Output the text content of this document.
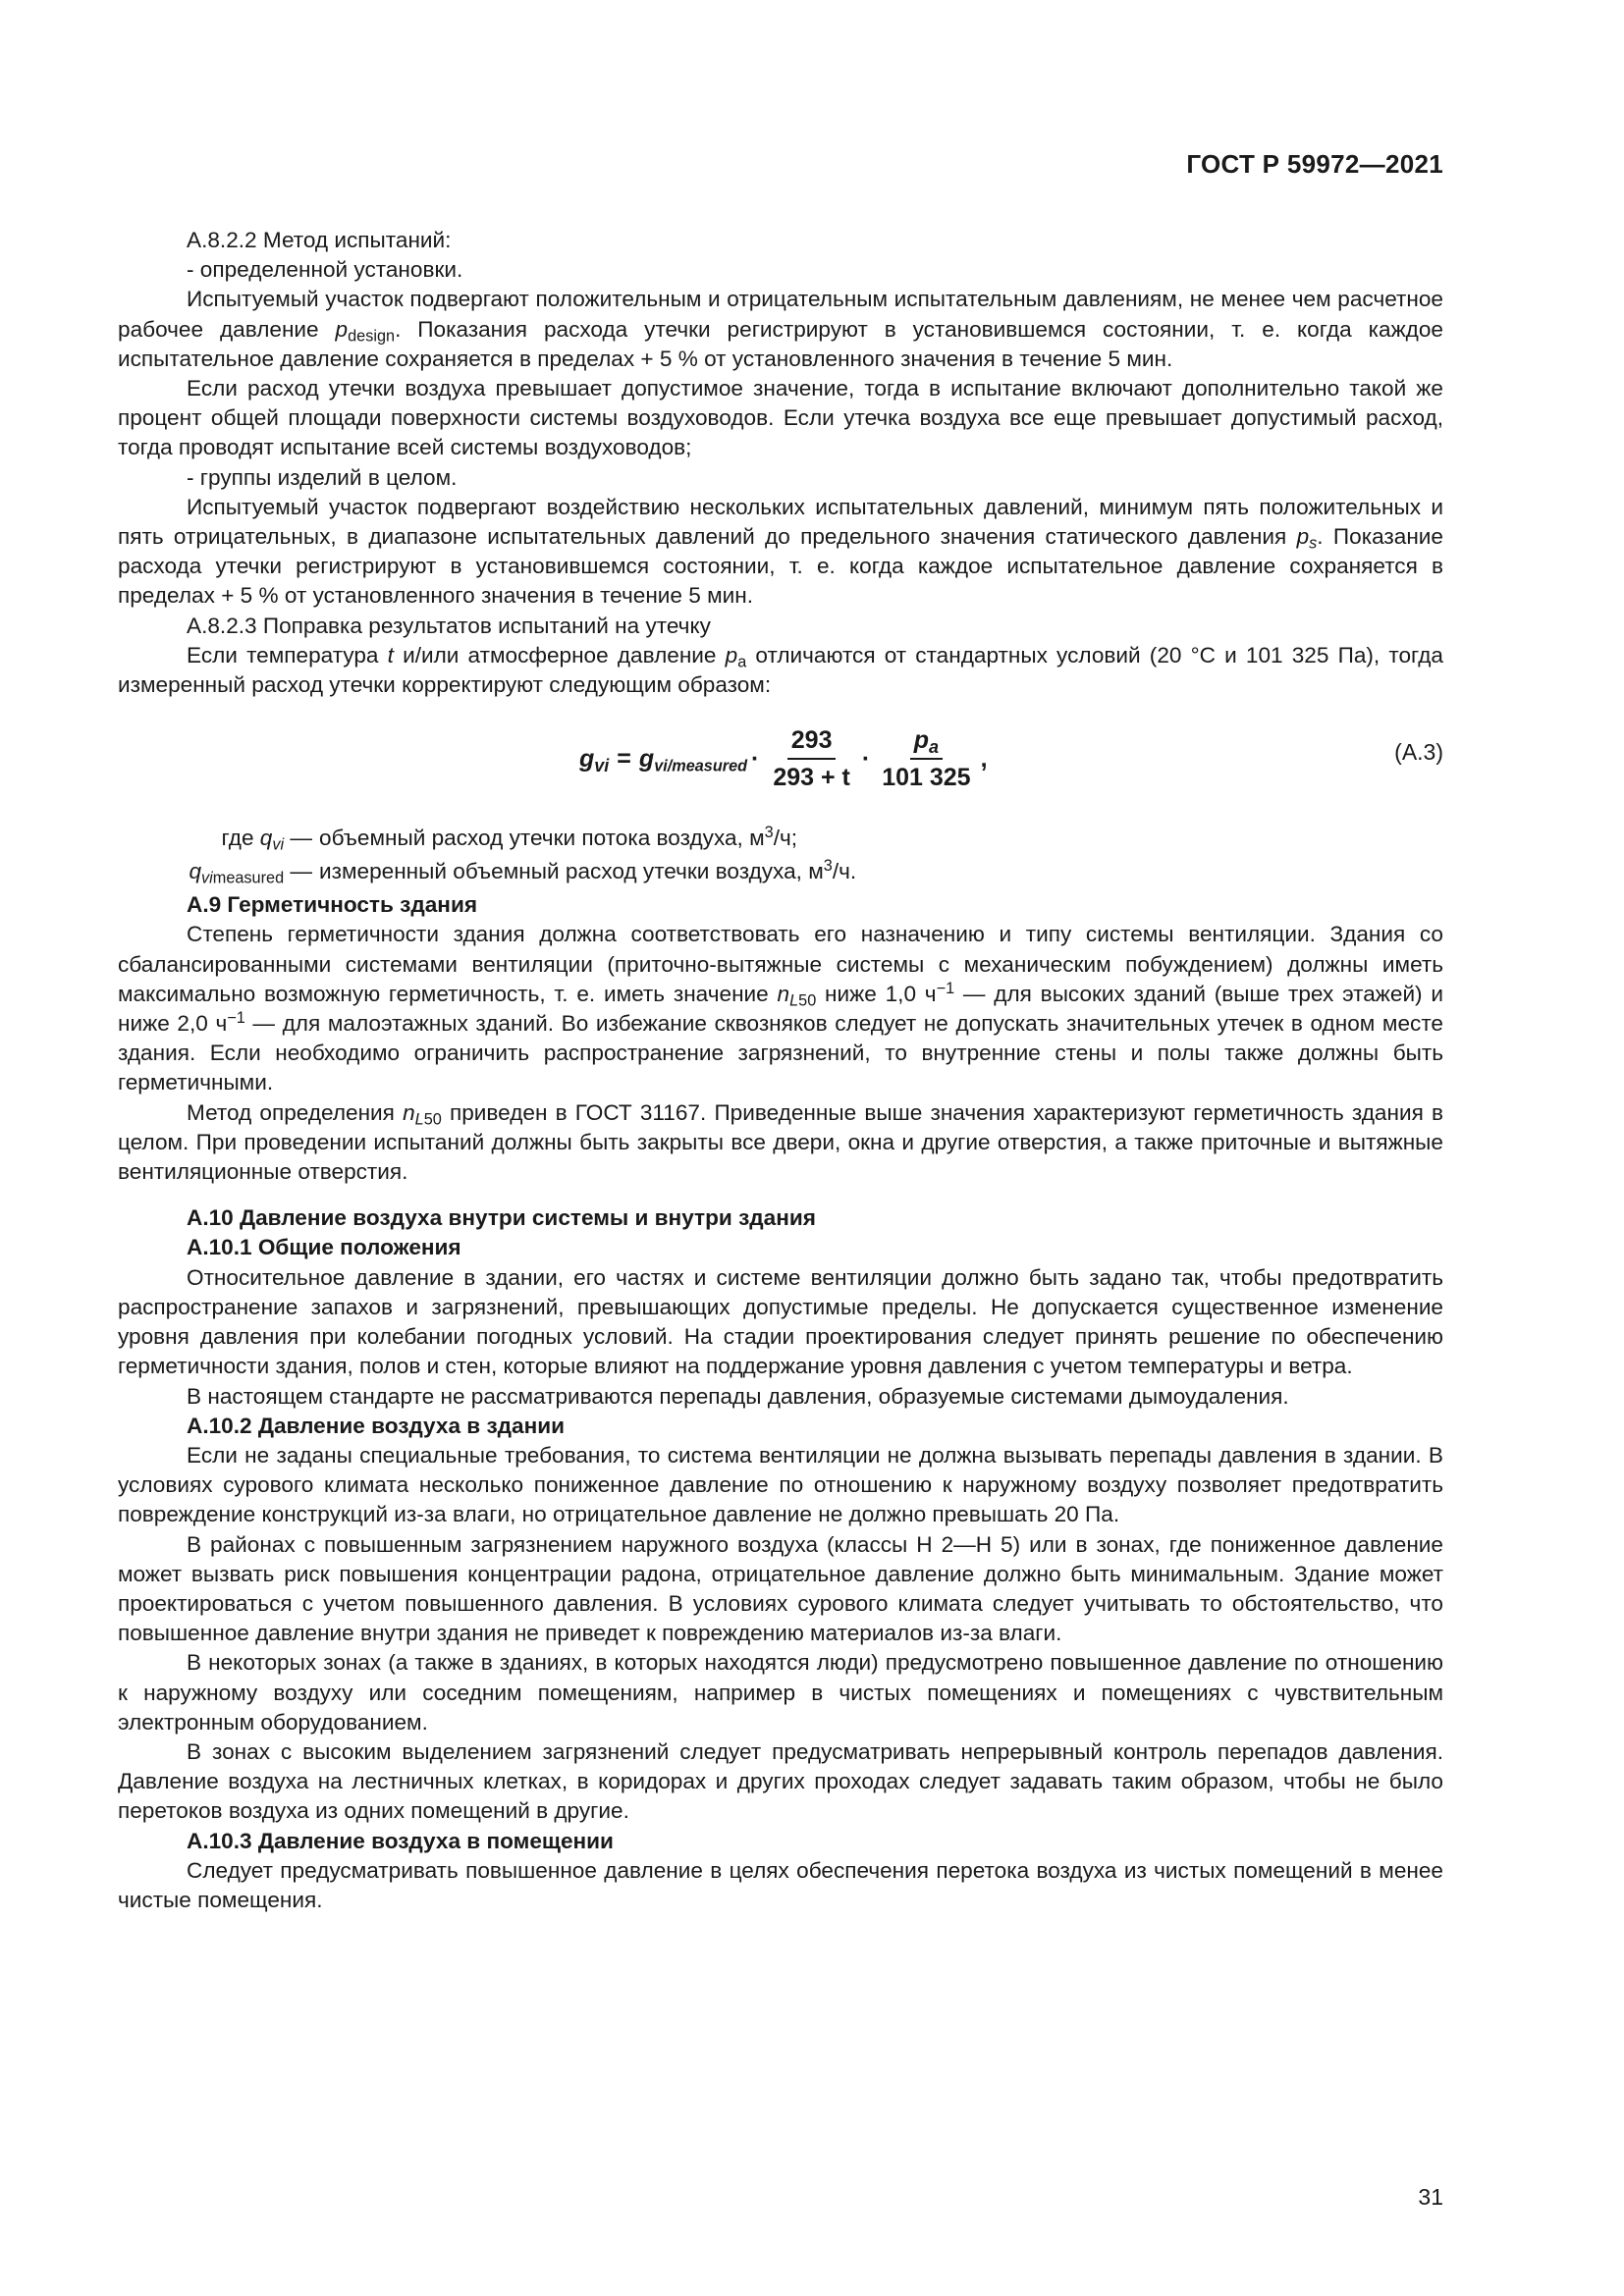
ГОСТ Р 59972—2021

A.8.2.2 Метод испытаний:

- определенной установки.

Испытуемый участок подвергают положительным и отрицательным испытательным давлениям, не менее чем расчетное рабочее давление $p_{design}$. Показания расхода утечки регистрируют в установившемся состоянии, т. е. когда каждое испытательное давление сохраняется в пределах + 5 % от установленного значения в течение 5 мин.

Если расход утечки воздуха превышает допустимое значение, тогда в испытание включают дополнительно такой же процент общей площади поверхности системы воздуховодов. Если утечка воздуха все еще превышает допустимый расход, тогда проводят испытание всей системы воздуховодов;

- группы изделий в целом.

Испытуемый участок подвергают воздействию нескольких испытательных давлений, минимум пять положительных и пять отрицательных, в диапазоне испытательных давлений до предельного значения статического давления $p_s$. Показание расхода утечки регистрируют в установившемся состоянии, т. е. когда каждое испытательное давление сохраняется в пределах + 5 % от установленного значения в течение 5 мин.

A.8.2.3 Поправка результатов испытаний на утечку

Если температура t и/или атмосферное давление $p_a$ отличаются от стандартных условий (20 °С и 101 325 Па), тогда измеренный расход утечки корректируют следующим образом:

$g_{vi} = g_{vi/measured} \cdot \frac{293}{293 + t} \cdot \frac{p_a}{101 325}$ ,	(А.3)
где $q_{vi}$ — объемный расход утечки потока воздуха, $м^3/ч$;
$q_{vimeasured}$ — измеренный объемный расход утечки воздуха, $м^3/ч$.

A.9 Герметичность здания

Степень герметичности здания должна соответствовать его назначению и типу системы вентиляции. Здания со сбалансированными системами вентиляции (приточно-вытяжные системы с механическим побуждением) должны иметь максимально возможную герметичность, т. е. иметь значение $n_{L50}$ ниже 1,0 $ч^{-1}$ — для высоких зданий (выше трех этажей) и ниже 2,0 $ч^{-1}$ — для малоэтажных зданий. Во избежание сквозняков следует не допускать значительных утечек в одном месте здания. Если необходимо ограничить распространение загрязнений, то внутренние стены и полы также должны быть герметичными.

Метод определения $n_{L50}$ приведен в ГОСТ 31167. Приведенные выше значения характеризуют герметичность здания в целом. При проведении испытаний должны быть закрыты все двери, окна и другие отверстия, а также приточные и вытяжные вентиляционные отверстия.

A.10 Давление воздуха внутри системы и внутри здания

A.10.1 Общие положения

Относительное давление в здании, его частях и системе вентиляции должно быть задано так, чтобы предотвратить распространение запахов и загрязнений, превышающих допустимые пределы. Не допускается существенное изменение уровня давления при колебании погодных условий. На стадии проектирования следует принять решение по обеспечению герметичности здания, полов и стен, которые влияют на поддержание уровня давления с учетом температуры и ветра.

В настоящем стандарте не рассматриваются перепады давления, образуемые системами дымоудаления.

A.10.2 Давление воздуха в здании

Если не заданы специальные требования, то система вентиляции не должна вызывать перепады давления в здании. В условиях сурового климата несколько пониженное давление по отношению к наружному воздуху позволяет предотвратить повреждение конструкций из-за влаги, но отрицательное давление не должно превышать 20 Па.

В районах с повышенным загрязнением наружного воздуха (классы Н 2—Н 5) или в зонах, где пониженное давление может вызвать риск повышения концентрации радона, отрицательное давление должно быть минимальным. Здание может проектироваться с учетом повышенного давления. В условиях сурового климата следует учитывать то обстоятельство, что повышенное давление внутри здания не приведет к повреждению материалов из-за влаги.

В некоторых зонах (а также в зданиях, в которых находятся люди) предусмотрено повышенное давление по отношению к наружному воздуху или соседним помещениям, например в чистых помещениях и помещениях с чувствительным электронным оборудованием.

В зонах с высоким выделением загрязнений следует предусматривать непрерывный контроль перепадов давления. Давление воздуха на лестничных клетках, в коридорах и других проходах следует задавать таким образом, чтобы не было перетоков воздуха из одних помещений в другие.

A.10.3 Давление воздуха в помещении

Следует предусматривать повышенное давление в целях обеспечения перетока воздуха из чистых помещений в менее чистые помещения.

31
